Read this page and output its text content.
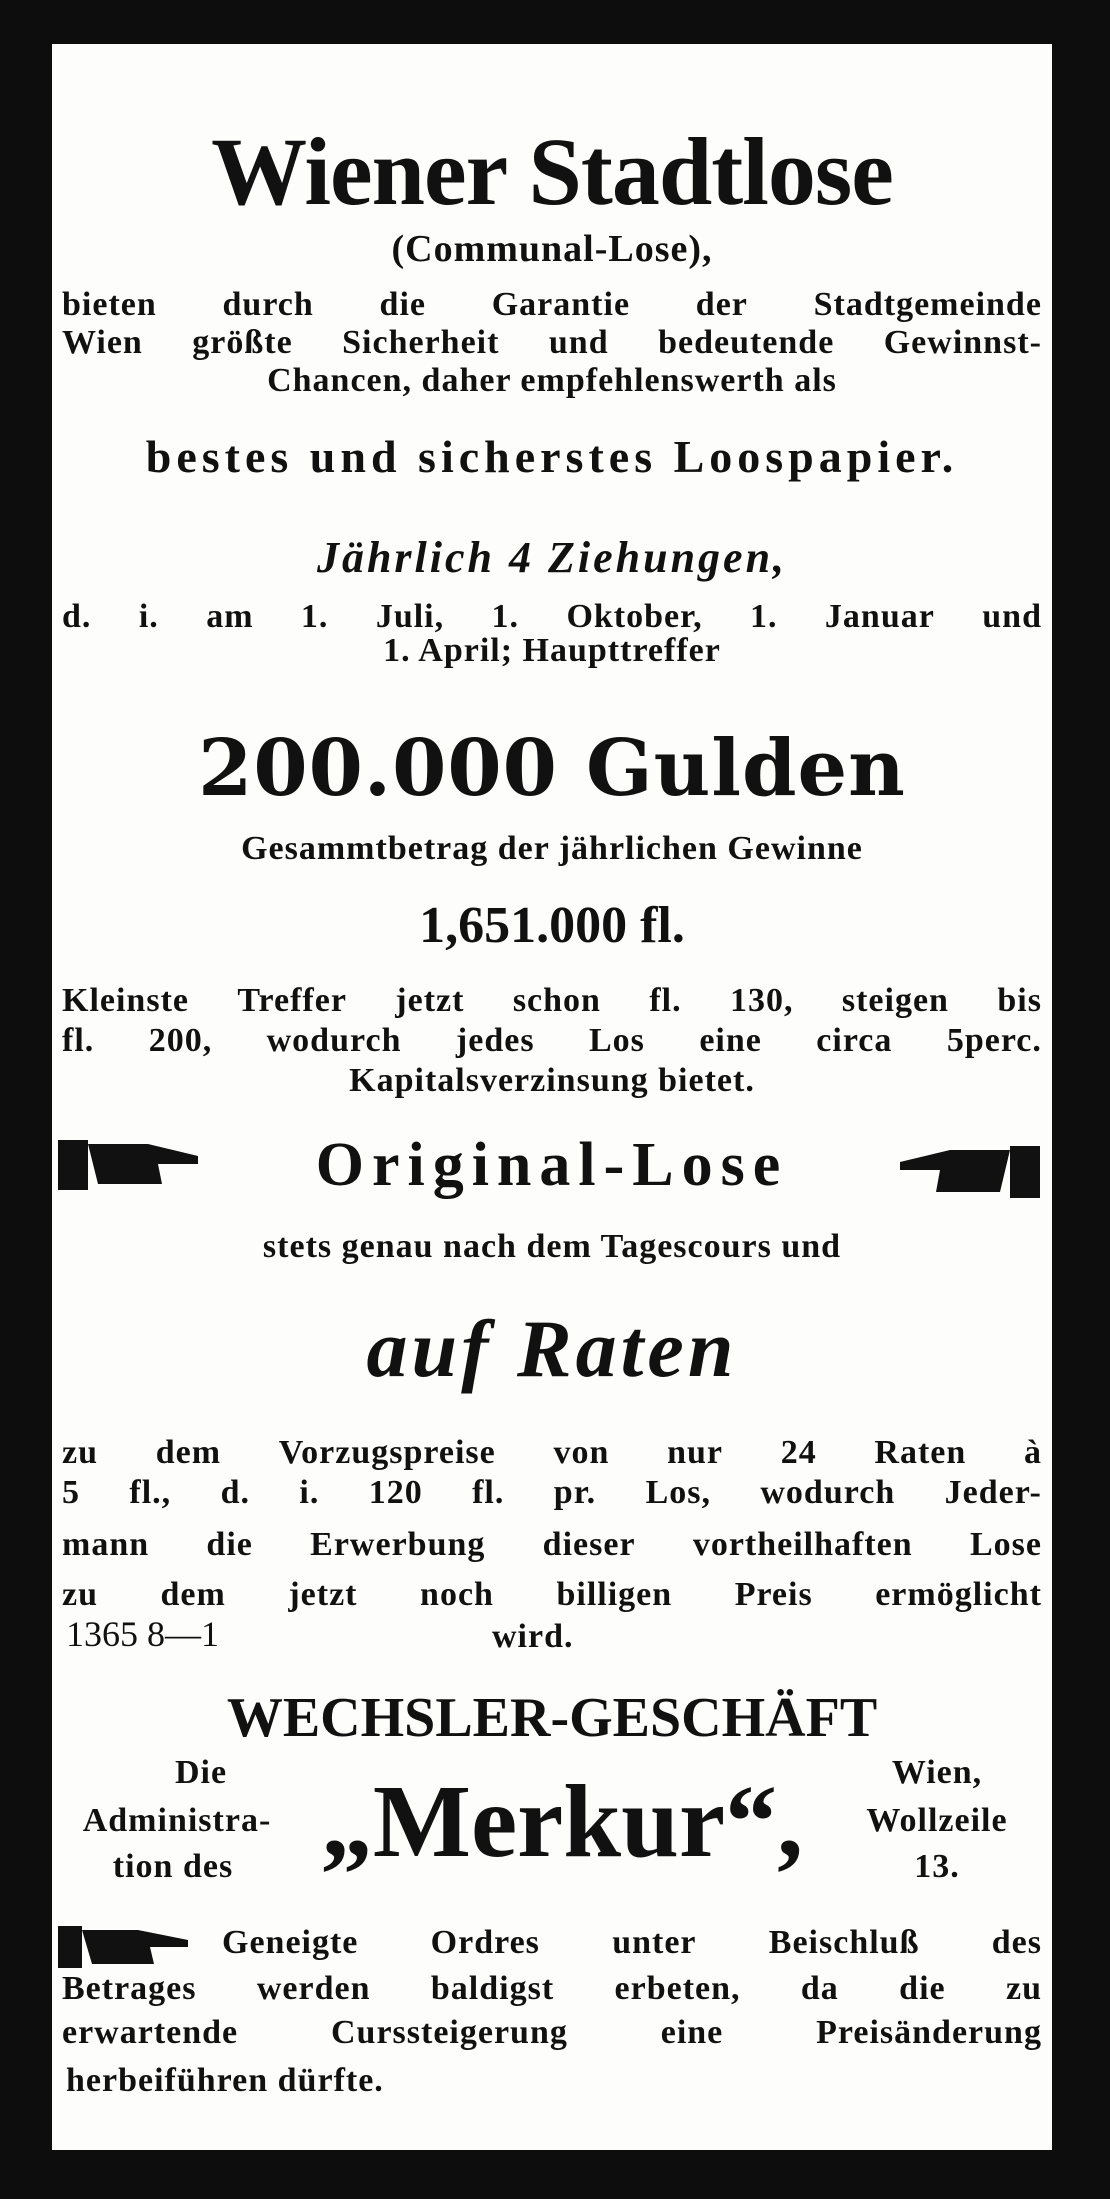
Wiener Stadtlose
(Communal-Lose),
bieten durch die Garantie der Stadtgemeinde
Wien größte Sicherheit und bedeutende Gewinnst-
Chancen, daher empfehlenswerth als
bestes und sicherstes Loospapier.
Jährlich 4 Ziehungen,
d. i. am 1. Juli, 1. Oktober, 1. Januar und
1. April; Haupttreffer
200.000 Gulden
Gesammtbetrag der jährlichen Gewinne
1,651.000 fl.
Kleinste Treffer jetzt schon fl. 130, steigen bis
fl. 200, wodurch jedes Los eine circa 5perc.
Kapitalsverzinsung bietet.
Original-Lose
stets genau nach dem Tagescours und
auf Raten
zu dem Vorzugspreise von nur 24 Raten à
5 fl., d. i. 120 fl. pr. Los, wodurch Jeder-
mann die Erwerbung dieser vortheilhaften Lose
zu dem jetzt noch billigen Preis ermöglicht
1365 8—1	wird.
WECHSLER-GESCHÄFT
Die
Administra-
tion des „Merkur“,	Wien,
Wollzeile
13.
Geneigte Ordres unter Beischluß des
Betrages werden baldigst erbeten, da die zu
erwartende	Curssteigerung	eine	Preisänderung
herbeiführen dürfte.
